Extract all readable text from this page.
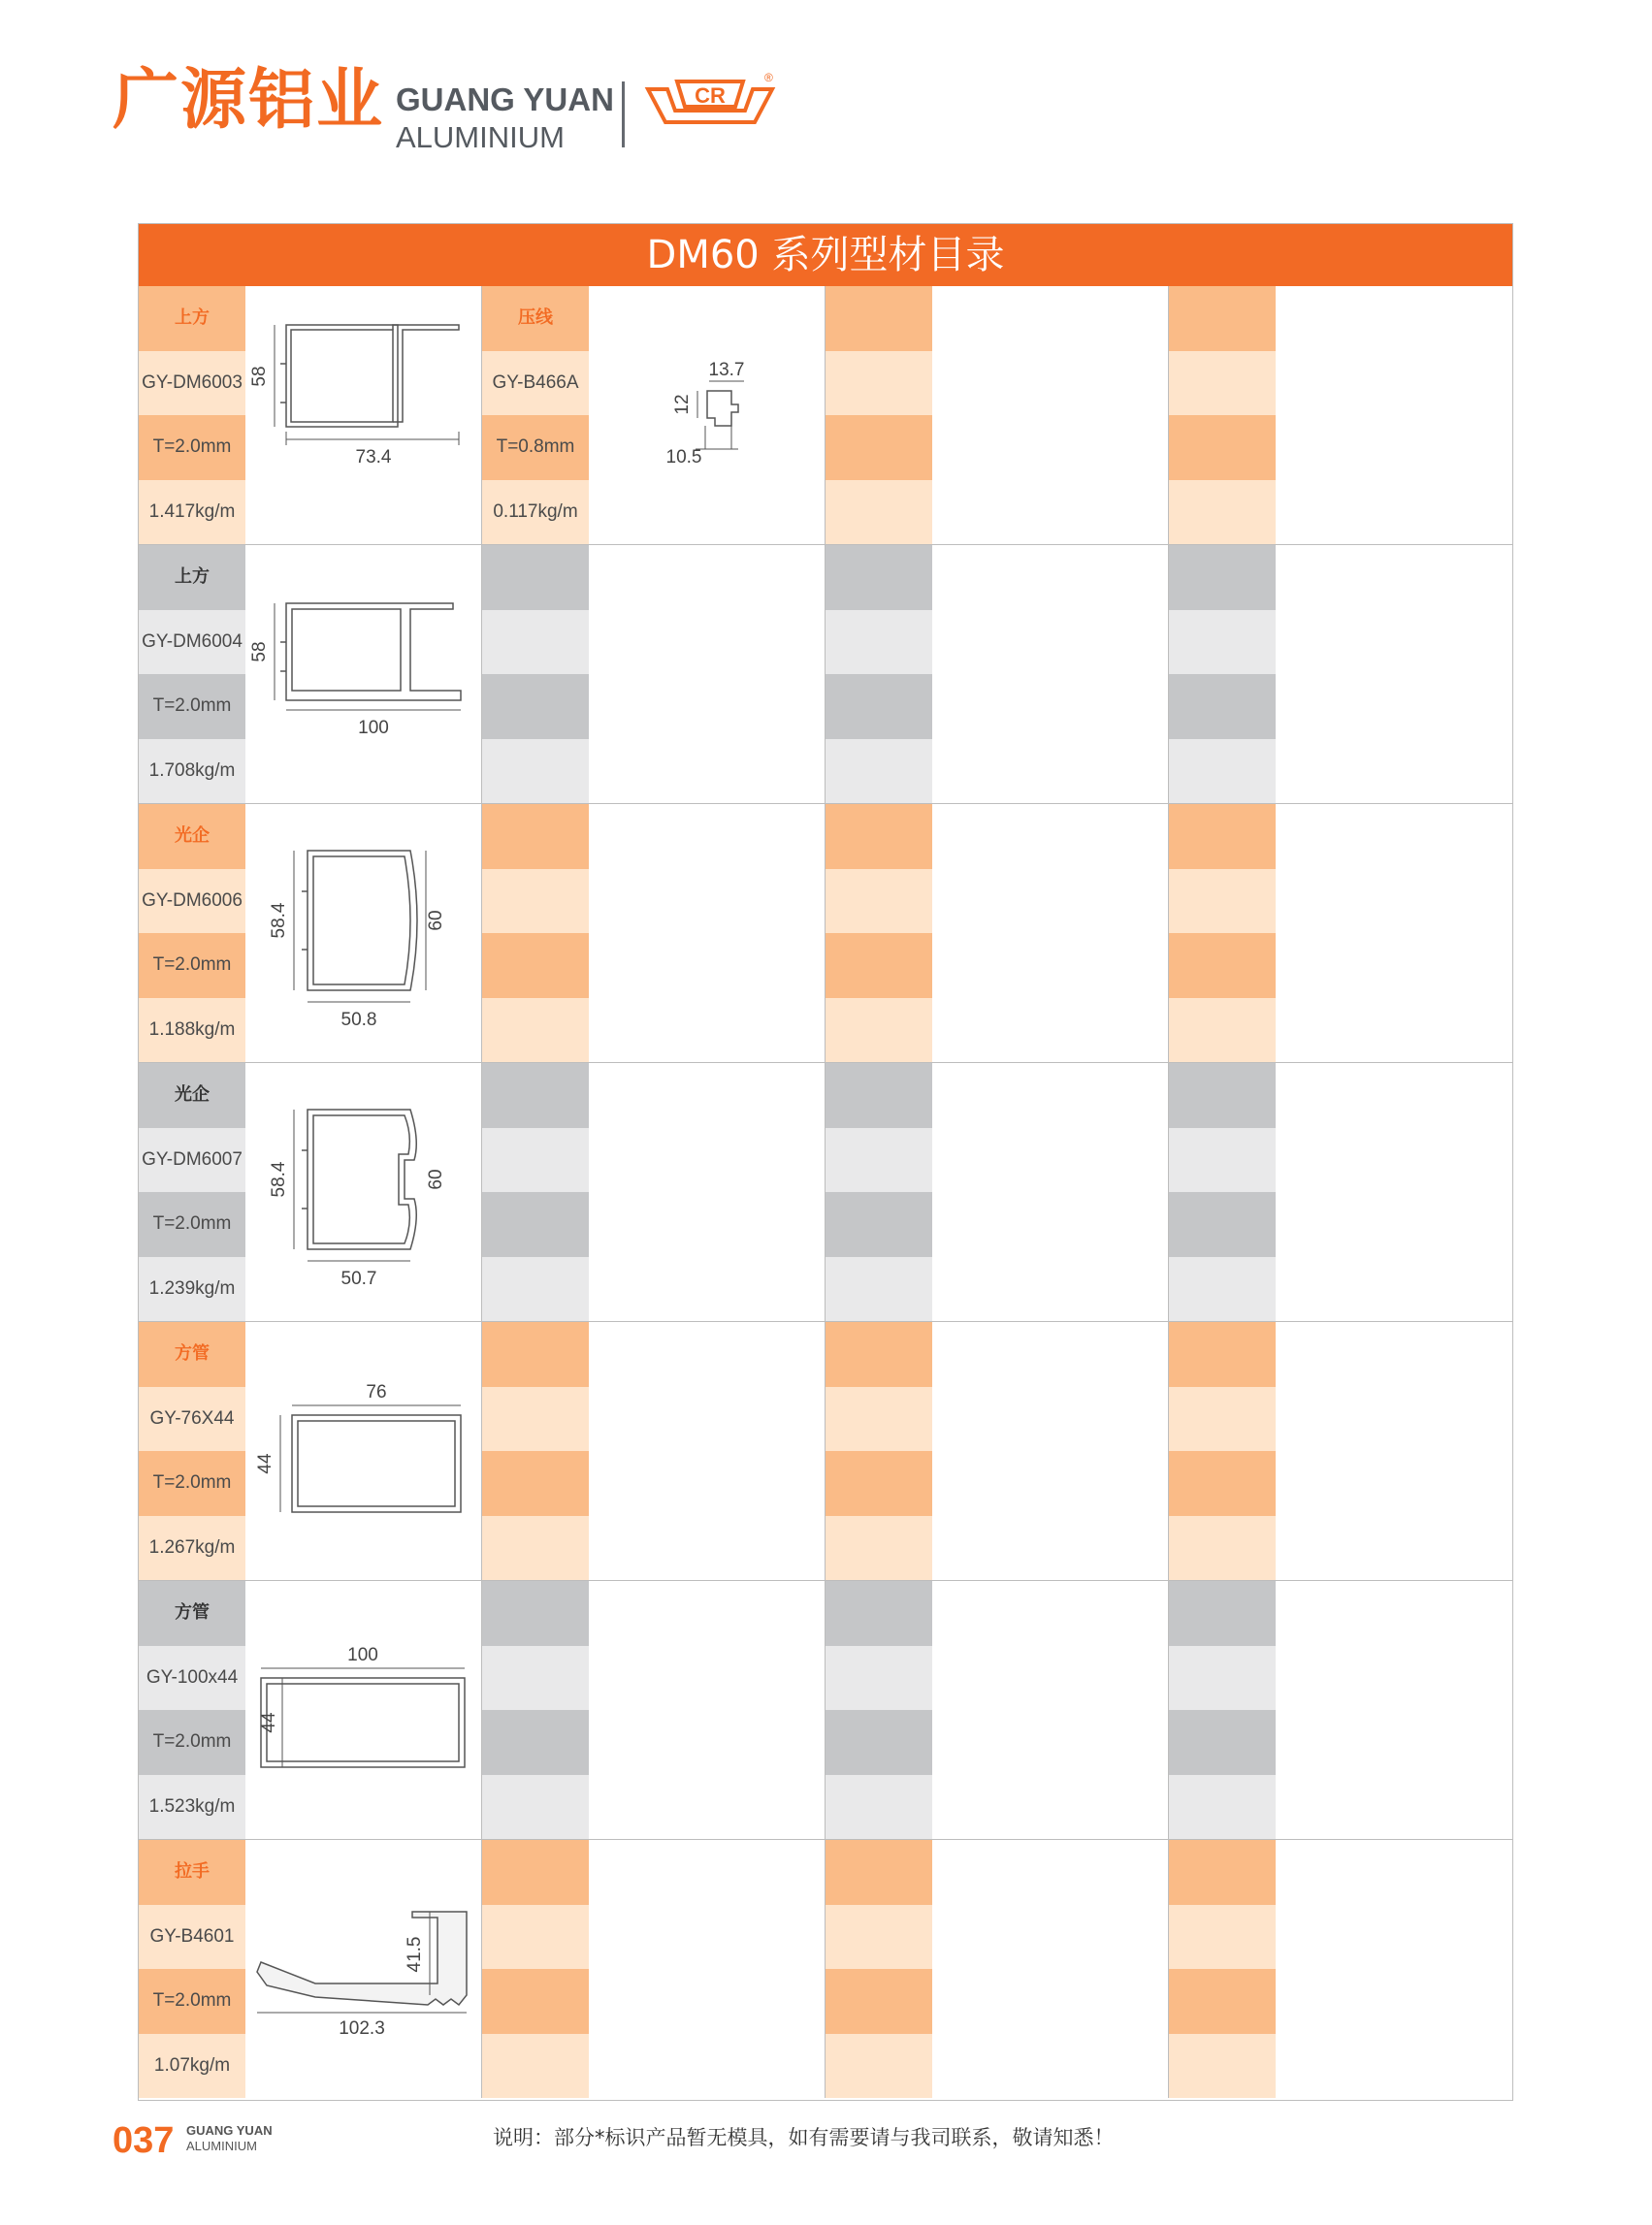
广源铝业 GUANG YUAN
ALUMINIUM
CR
®
DM60 系列型材目录
上方
GY-DM6003
T=2.0mm
1.417kg/m
58
73.4
压线
GY-B466A
T=0.8mm
0.117kg/m
13.7
12
10.5
上方
GY-DM6004
T=2.0mm
1.708kg/m
58
100
光企
GY-DM6006
T=2.0mm
1.188kg/m
58.4	60
50.8
光企
GY-DM6007
T=2.0mm
1.239kg/m
58.4	60
50.7
方管
GY-76X44
T=2.0mm
1.267kg/m
76
44
方管
GY-100x44
T=2.0mm
1.523kg/m
100
44
拉手
GY-B4601
T=2.0mm
1.07kg/m
41.5
102.3
037 GUANG YUAN
ALUMINIUM	说明：部分*标识产品暂无模具，如有需要请与我司联系，敬请知悉！
